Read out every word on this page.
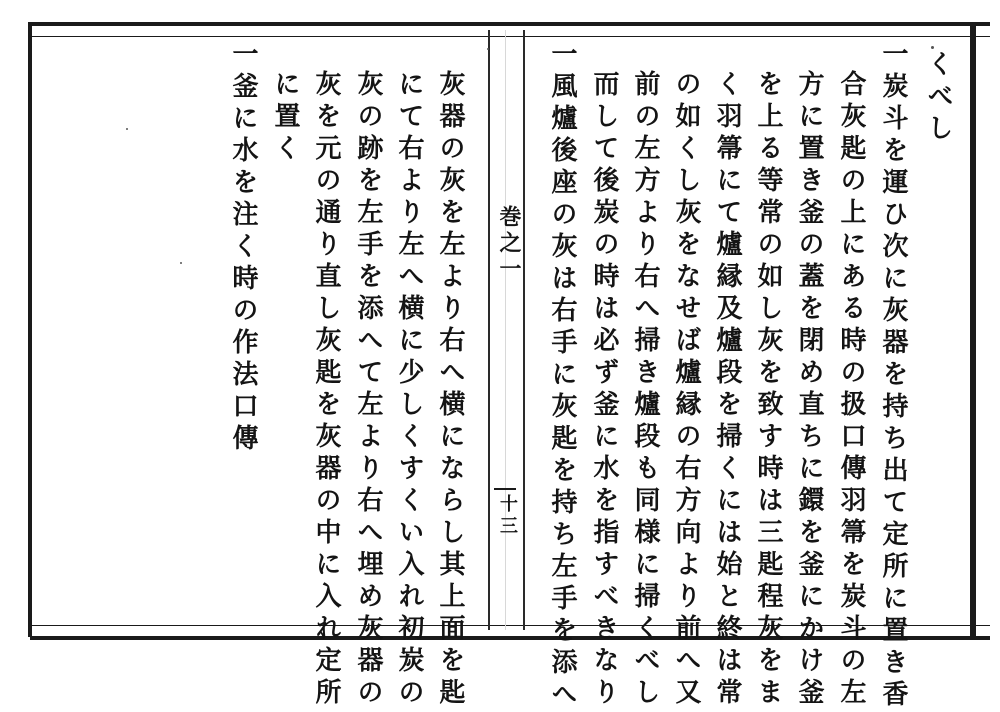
くべし
一炭斗を運ひ次に灰器を持ち出て定所に置き香
合灰匙の上にある時の扱口傳羽箒を炭斗の左
方に置き釜の蓋を閉め直ちに鐶を釜にかけ釜
を上る等常の如し灰を致す時は三匙程灰をま
く羽箒にて爐縁及爐段を掃くには始と終は常
の如くし灰をなせば爐縁の右方向より前へ又
前の左方より右へ掃き爐段も同様に掃くべし
而して後炭の時は必ず釜に水を指すべきなり
一風爐後座の灰は右手に灰匙を持ち左手を添へ
巻之一
十三
灰器の灰を左より右へ横にならし其上面を匙
にて右より左へ横に少しくすくい入れ初炭の
灰の跡を左手を添へて左より右へ埋め灰器の
灰を元の通り直し灰匙を灰器の中に入れ定所
に置く
一釜に水を注く時の作法口傳
